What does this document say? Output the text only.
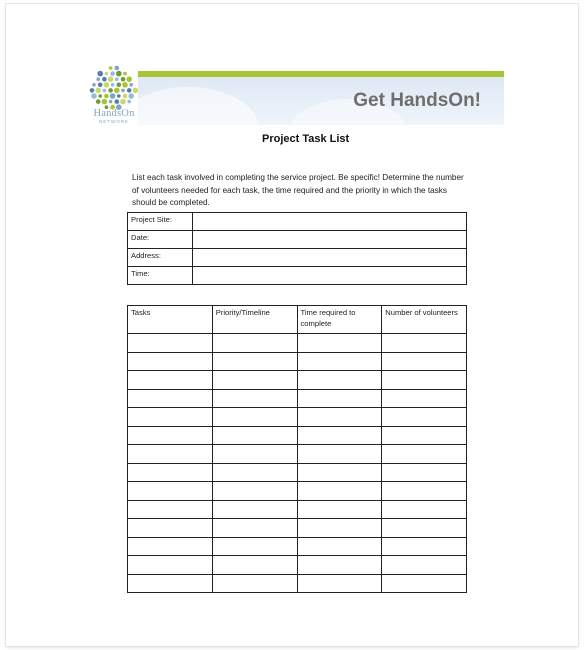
HandsOn
NETWORK
Get HandsOn!
Project Task List
List each task involved in completing the service project. Be specific! Determine the number of volunteers needed for each task, the time required and the priority in which the tasks should be completed.
Project Site:	
Date:	
Address:	
Time:	
Tasks	Priority/Timeline	Time required to complete	Number of volunteers
